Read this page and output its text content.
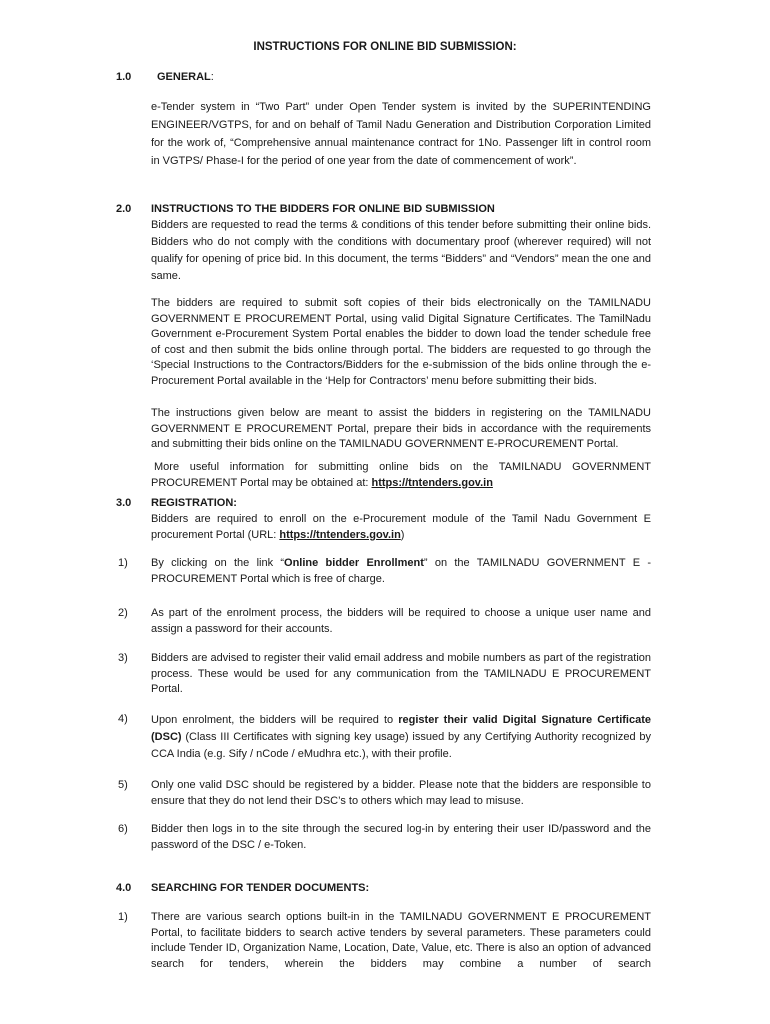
INSTRUCTIONS FOR ONLINE BID SUBMISSION:
1.0 GENERAL:
e-Tender system in “Two Part” under Open Tender system is invited by the SUPERINTENDING ENGINEER/VGTPS, for and on behalf of Tamil Nadu Generation and Distribution Corporation Limited for the work of, “Comprehensive annual maintenance contract for 1No. Passenger lift in control room in VGTPS/ Phase-I for the period of one year from the date of commencement of work”.
2.0 INSTRUCTIONS TO THE BIDDERS FOR ONLINE BID SUBMISSION
Bidders are requested to read the terms & conditions of this tender before submitting their online bids. Bidders who do not comply with the conditions with documentary proof (wherever required) will not qualify for opening of price bid. In this document, the terms “Bidders” and “Vendors” mean the one and same.
The bidders are required to submit soft copies of their bids electronically on the TAMILNADU GOVERNMENT E PROCUREMENT Portal, using valid Digital Signature Certificates. The TamilNadu Government e-Procurement System Portal enables the bidder to down load the tender schedule free of cost and then submit the bids online through portal. The bidders are requested to go through the ‘Special Instructions to the Contractors/Bidders for the e-submission of the bids online through the e-Procurement Portal available in the ‘Help for Contractors’ menu before submitting their bids.
The instructions given below are meant to assist the bidders in registering on the TAMILNADU GOVERNMENT E PROCUREMENT Portal, prepare their bids in accordance with the requirements and submitting their bids online on the TAMILNADU GOVERNMENT E-PROCUREMENT Portal.
More useful information for submitting online bids on the TAMILNADU GOVERNMENT PROCUREMENT Portal may be obtained at: https://tntenders.gov.in
3.0 REGISTRATION:
Bidders are required to enroll on the e-Procurement module of the Tamil Nadu Government E procurement Portal (URL: https://tntenders.gov.in)
1) By clicking on the link “Online bidder Enrollment” on the TAMILNADU GOVERNMENT E - PROCUREMENT Portal which is free of charge.
2) As part of the enrolment process, the bidders will be required to choose a unique user name and assign a password for their accounts.
3) Bidders are advised to register their valid email address and mobile numbers as part of the registration process. These would be used for any communication from the TAMILNADU E PROCUREMENT Portal.
4) Upon enrolment, the bidders will be required to register their valid Digital Signature Certificate (DSC) (Class III Certificates with signing key usage) issued by any Certifying Authority recognized by CCA India (e.g. Sify / nCode / eMudhra etc.), with their profile.
5) Only one valid DSC should be registered by a bidder. Please note that the bidders are responsible to ensure that they do not lend their DSC’s to others which may lead to misuse.
6) Bidder then logs in to the site through the secured log-in by entering their user ID/password and the password of the DSC / e-Token.
4.0 SEARCHING FOR TENDER DOCUMENTS:
1) There are various search options built-in in the TAMILNADU GOVERNMENT E PROCUREMENT Portal, to facilitate bidders to search active tenders by several parameters. These parameters could include Tender ID, Organization Name, Location, Date, Value, etc. There is also an option of advanced search for tenders, wherein the bidders may combine a number of search
